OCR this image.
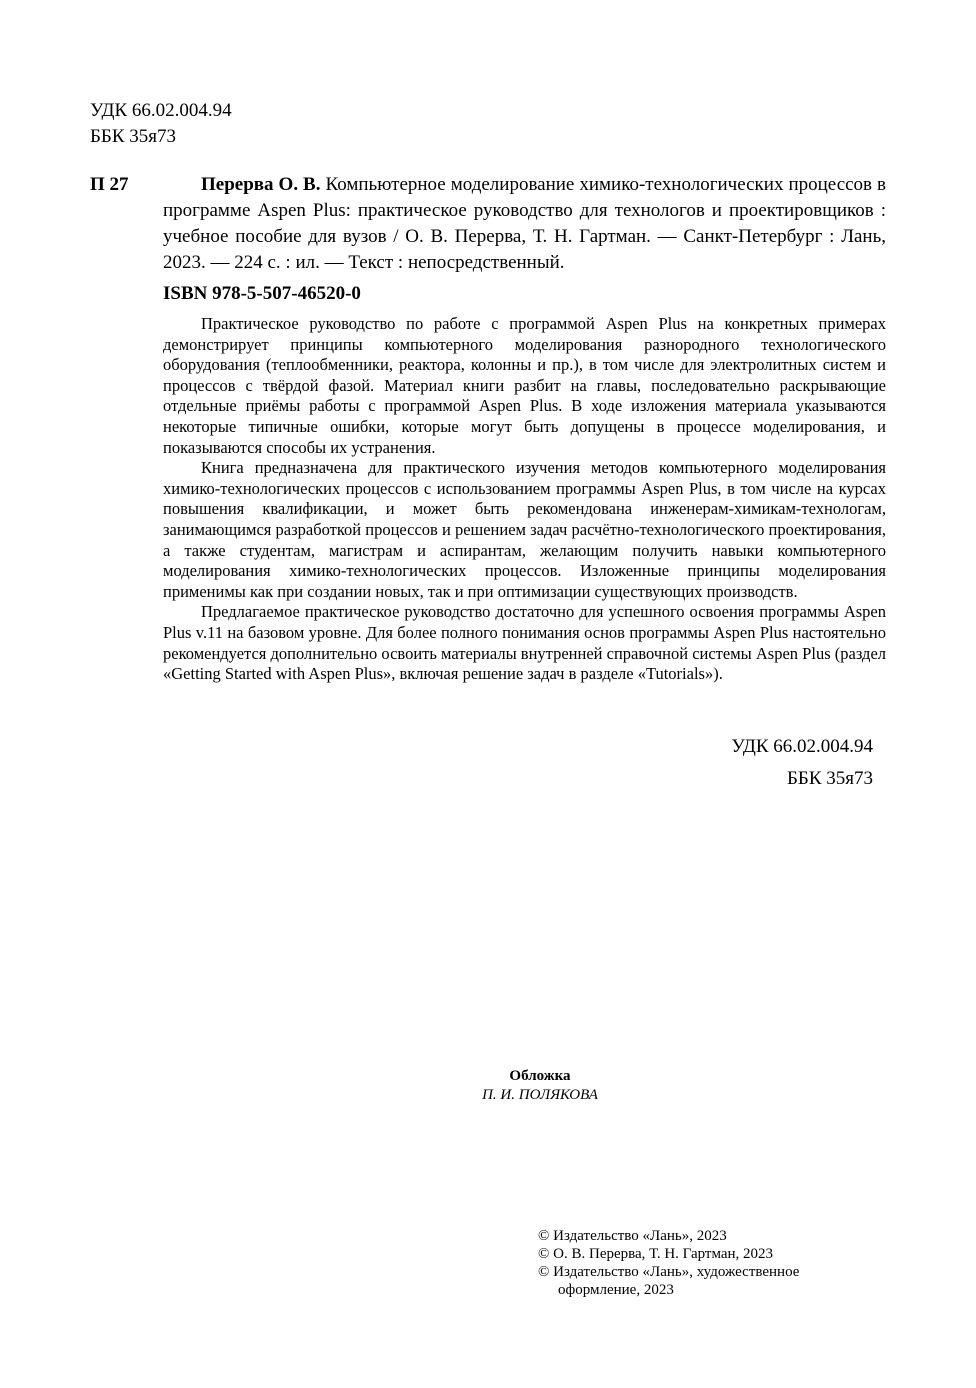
УДК 66.02.004.94
ББК 35я73
П 27	Перерва О. В. Компьютерное моделирование химико-технологических процессов в программе Aspen Plus: практическое руководство для технологов и проектировщиков : учебное пособие для вузов / О. В. Перерва, Т. Н. Гартман. — Санкт-Петербург : Лань, 2023. — 224 с. : ил. — Текст : непосредственный.
ISBN 978-5-507-46520-0

Практическое руководство по работе с программой Aspen Plus на конкретных примерах демонстрирует принципы компьютерного моделирования разнородного технологического оборудования (теплообменники, реактора, колонны и пр.), в том числе для электролитных систем и процессов с твёрдой фазой. Материал книги разбит на главы, последовательно раскрывающие отдельные приёмы работы с программой Aspen Plus. В ходе изложения материала указываются некоторые типичные ошибки, которые могут быть допущены в процессе моделирования, и показываются способы их устранения.

Книга предназначена для практического изучения методов компьютерного моделирования химико-технологических процессов с использованием программы Aspen Plus, в том числе на курсах повышения квалификации, и может быть рекомендована инженерам-химикам-технологам, занимающимся разработкой процессов и решением задач расчётно-технологического проектирования, а также студентам, магистрам и аспирантам, желающим получить навыки компьютерного моделирования химико-технологических процессов. Изложенные принципы моделирования применимы как при создании новых, так и при оптимизации существующих производств.

Предлагаемое практическое руководство достаточно для успешного освоения программы Aspen Plus v.11 на базовом уровне. Для более полного понимания основ программы Aspen Plus настоятельно рекомендуется дополнительно освоить материалы внутренней справочной системы Aspen Plus (раздел «Getting Started with Aspen Plus», включая решение задач в разделе «Tutorials»).

УДК 66.02.004.94
ББК 35я73
Обложка
П. И. ПОЛЯКОВА
© Издательство «Лань», 2023
© О. В. Перерва, Т. Н. Гартман, 2023
© Издательство «Лань», художественное
оформление, 2023
